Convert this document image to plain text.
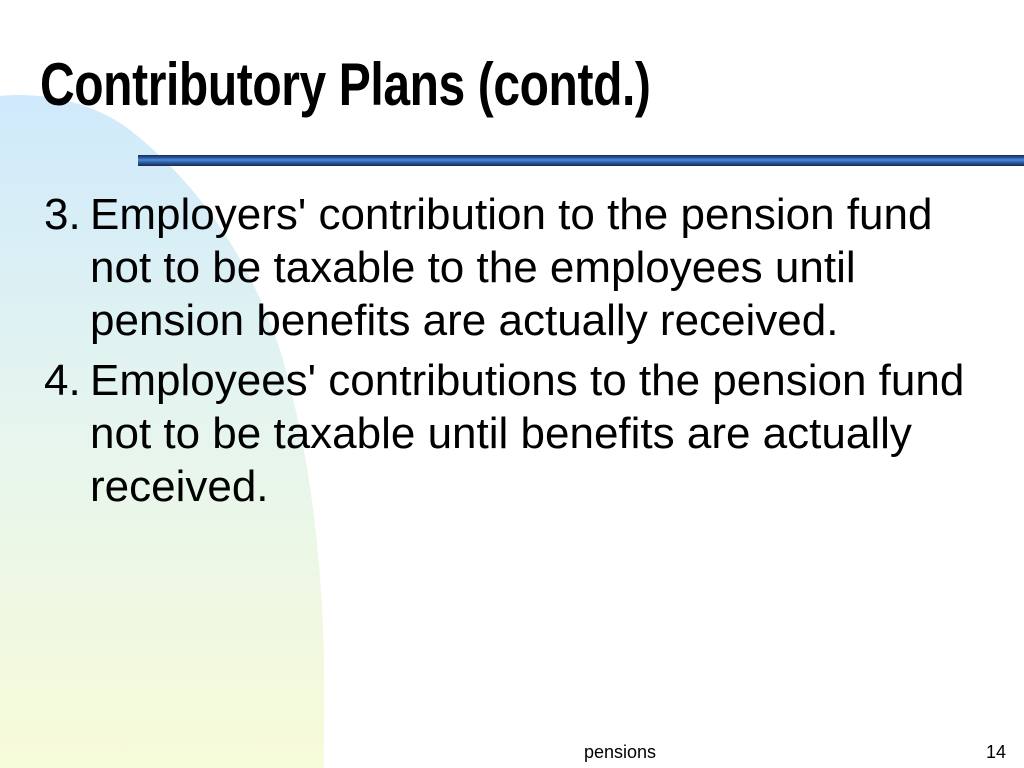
Contributory Plans (contd.)
3. Employers' contribution to the pension fund not to be taxable to the employees until pension benefits are actually received.
4. Employees' contributions to the pension fund not to be taxable until benefits are actually received.
pensions	14
